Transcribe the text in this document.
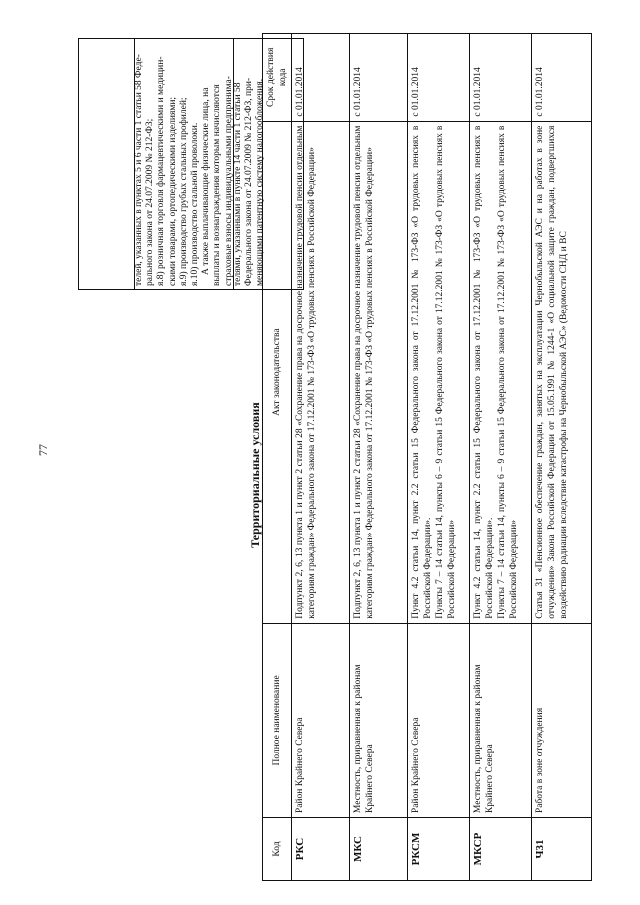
77
телей, указанных в пунктах 5 и 6 части 1 статьи 58 Феде- рального закона от 24.07.2009 № 212-ФЗ; я.8) розничная торговля фармацевтическими и медицин- скими товарами, ортопедическими изделиями; я.9) производство грубых стальных профилей; я.10) производство стальной проволоки. А также выплачивающие физические лица, на выплаты и вознаграждения которым начисляются страховые взносы индивидуальными предпринима- телями, указанными в пункте 14 части 1 статьи 58 Федерального закона от 24.07.2009 № 212-ФЗ, при- меняющими патентную систему налогообложения.
Территориальные условия
Код	Полное наименование	Акт законодательства	Срок действия кода
РКС	Район Крайнего Севера	Подпункт 2, 6, 13 пункта 1 и пункт 2 статьи 28 «Сохранение права на досрочное назначение трудовой пенсии отдельным категориям граждан» Федерального закона от 17.12.2001 № 173-ФЗ «О трудовых пенсиях в Российской Федерации»	с 01.01.2014
МКС	Местность, приравненная к районам Крайнего Севера	Подпункт 2, 6, 13 пункта 1 и пункт 2 статьи 28 «Сохранение права на досрочное назначение трудовой пенсии отдельным категориям граждан» Федерального закона от 17.12.2001 № 173-ФЗ «О трудовых пенсиях в Российской Федерации»	с 01.01.2014
РКСМ	Район Крайнего Севера	Пункт 4.2 статьи 14, пункт 2.2 статьи 15 Федерального закона от 17.12.2001 № 173-ФЗ «О трудовых пенсиях в Российской Федерации». Пункты 7 – 14 статьи 14, пункты 6 – 9 статьи 15 Федерального закона от 17.12.2001 № 173-ФЗ «О трудовых пенсиях в Российской Федерации»	с 01.01.2014
МКСР	Местность, приравненная к районам Крайнего Севера	Пункт 4.2 статьи 14, пункт 2.2 статьи 15 Федерального закона от 17.12.2001 № 173-ФЗ «О трудовых пенсиях в Российской Федерации». Пункты 7 – 14 статьи 14, пункты 6 – 9 статьи 15 Федерального закона от 17.12.2001 № 173-ФЗ «О трудовых пенсиях в Российской Федерации»	с 01.01.2014
Ч31	Работа в зоне отчуждения	Статья 31 «Пенсионное обеспечение граждан, занятых на эксплуатации Чернобыльской АЭС и на работах в зоне отчуждения» Закона Российской Федерации от 15.05.1991 № 1244-1 «О социальной защите граждан, подвергшихся воздействию радиации вследствие катастрофы на Чернобыльской АЭС» (Ведомости СНД и ВС	с 01.01.2014
